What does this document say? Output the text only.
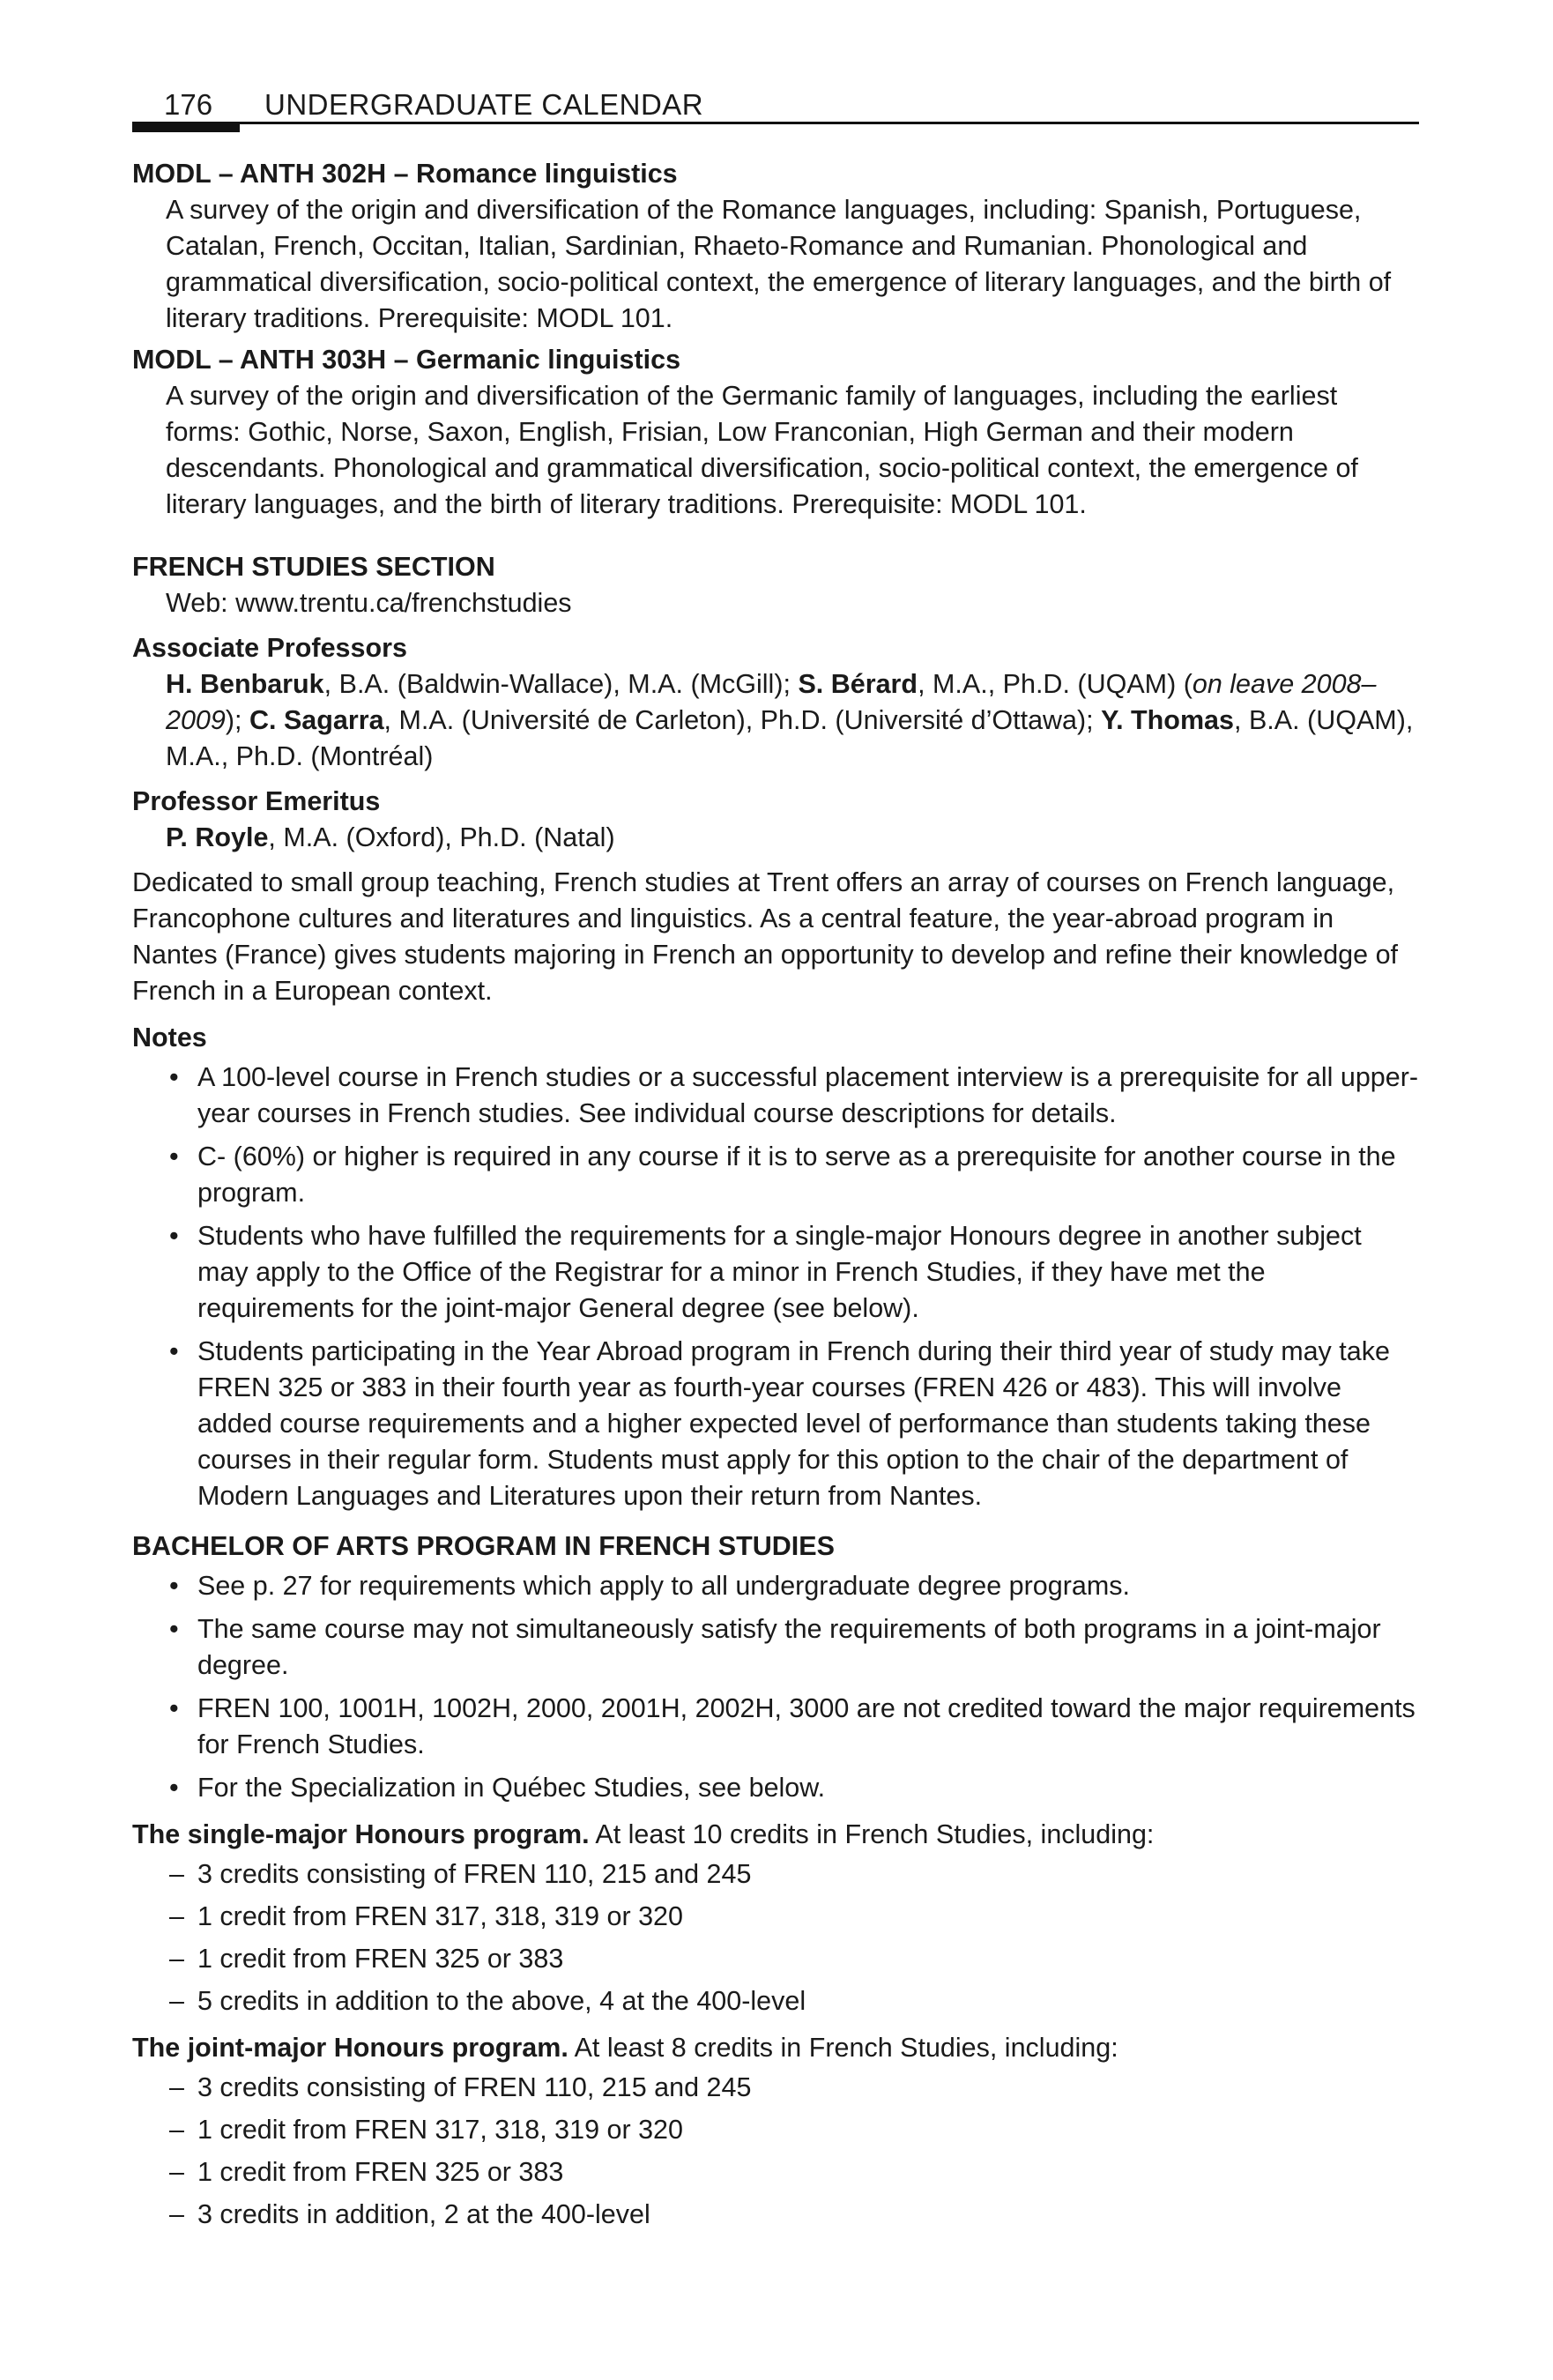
176 UNDERGRADUATE CALENDAR

MODL – ANTH 302H – Romance linguistics

A survey of the origin and diversification of the Romance languages, including: Spanish, Portuguese, Catalan, French, Occitan, Italian, Sardinian, Rhaeto-Romance and Rumanian. Phonological and grammatical diversification, socio-political context, the emergence of literary languages, and the birth of literary traditions. Prerequisite: MODL 101.

MODL – ANTH 303H – Germanic linguistics

A survey of the origin and diversification of the Germanic family of languages, including the earliest forms: Gothic, Norse, Saxon, English, Frisian, Low Franconian, High German and their modern descendants. Phonological and grammatical diversification, socio-political context, the emergence of literary languages, and the birth of literary traditions. Prerequisite: MODL 101.

FRENCH STUDIES SECTION

Web: www.trentu.ca/frenchstudies

Associate Professors

H. Benbaruk, B.A. (Baldwin-Wallace), M.A. (McGill); S. Bérard, M.A., Ph.D. (UQAM) (on leave 2008–2009); C. Sagarra, M.A. (Université de Carleton), Ph.D. (Université d’Ottawa); Y. Thomas, B.A. (UQAM), M.A., Ph.D. (Montréal)

Professor Emeritus

P. Royle, M.A. (Oxford), Ph.D. (Natal)

Dedicated to small group teaching, French studies at Trent offers an array of courses on French language, Francophone cultures and literatures and linguistics. As a central feature, the year-abroad program in Nantes (France) gives students majoring in French an opportunity to develop and refine their knowledge of French in a European context.

Notes
• A 100-level course in French studies or a successful placement interview is a prerequisite for all upper-year courses in French studies. See individual course descriptions for details.
• C- (60%) or higher is required in any course if it is to serve as a prerequisite for another course in the program.
• Students who have fulfilled the requirements for a single-major Honours degree in another subject may apply to the Office of the Registrar for a minor in French Studies, if they have met the requirements for the joint-major General degree (see below).
• Students participating in the Year Abroad program in French during their third year of study may take FREN 325 or 383 in their fourth year as fourth-year courses (FREN 426 or 483). This will involve added course requirements and a higher expected level of performance than students taking these courses in their regular form. Students must apply for this option to the chair of the department of Modern Languages and Literatures upon their return from Nantes.
BACHELOR OF ARTS PROGRAM IN FRENCH STUDIES
• See p. 27 for requirements which apply to all undergraduate degree programs.
• The same course may not simultaneously satisfy the requirements of both programs in a joint-major degree.
• FREN 100, 1001H, 1002H, 2000, 2001H, 2002H, 3000 are not credited toward the major requirements for French Studies.
• For the Specialization in Québec Studies, see below.

The single-major Honours program. At least 10 credits in French Studies, including:

– 3 credits consisting of FREN 110, 215 and 245
– 1 credit from FREN 317, 318, 319 or 320
– 1 credit from FREN 325 or 383
– 5 credits in addition to the above, 4 at the 400-level

The joint-major Honours program. At least 8 credits in French Studies, including:

– 3 credits consisting of FREN 110, 215 and 245
– 1 credit from FREN 317, 318, 319 or 320
– 1 credit from FREN 325 or 383
– 3 credits in addition, 2 at the 400-level
